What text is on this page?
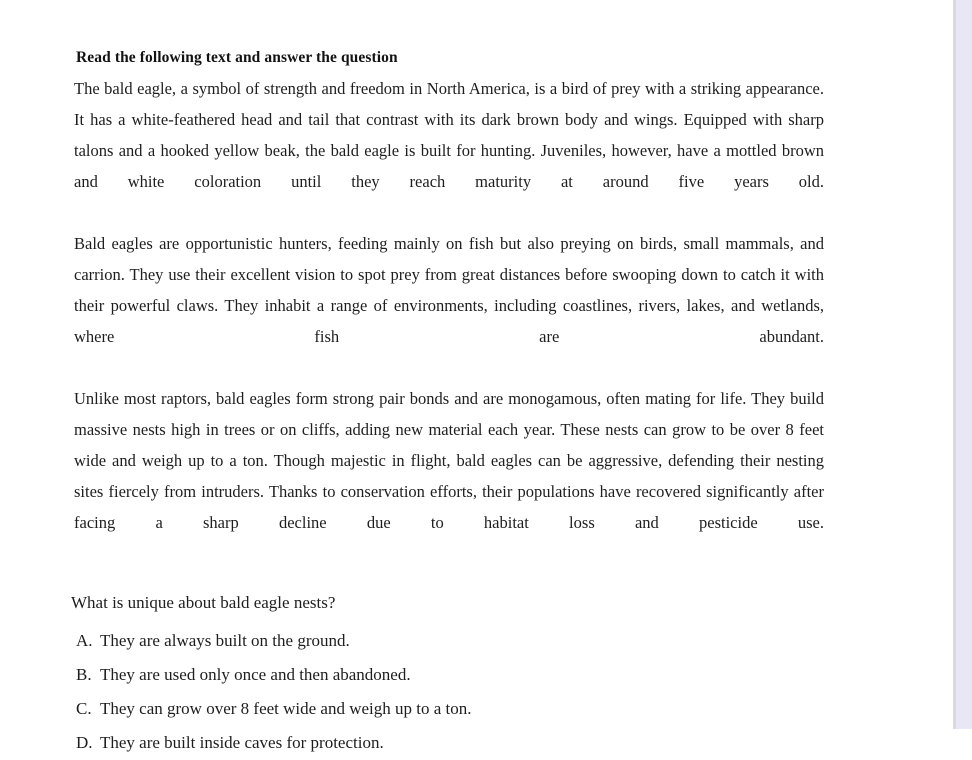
Read the following text and answer the question

The bald eagle, a symbol of strength and freedom in North America, is a bird of prey with a striking appearance. It has a white-feathered head and tail that contrast with its dark brown body and wings. Equipped with sharp talons and a hooked yellow beak, the bald eagle is built for hunting. Juveniles, however, have a mottled brown and white coloration until they reach maturity at around five years old.

Bald eagles are opportunistic hunters, feeding mainly on fish but also preying on birds, small mammals, and carrion. They use their excellent vision to spot prey from great distances before swooping down to catch it with their powerful claws. They inhabit a range of environments, including coastlines, rivers, lakes, and wetlands, where fish are abundant.

Unlike most raptors, bald eagles form strong pair bonds and are monogamous, often mating for life. They build massive nests high in trees or on cliffs, adding new material each year. These nests can grow to be over 8 feet wide and weigh up to a ton. Though majestic in flight, bald eagles can be aggressive, defending their nesting sites fiercely from intruders. Thanks to conservation efforts, their populations have recovered significantly after facing a sharp decline due to habitat loss and pesticide use.

What is unique about bald eagle nests?
A. They are always built on the ground.
B. They are used only once and then abandoned.
C. They can grow over 8 feet wide and weigh up to a ton.
D. They are built inside caves for protection.
